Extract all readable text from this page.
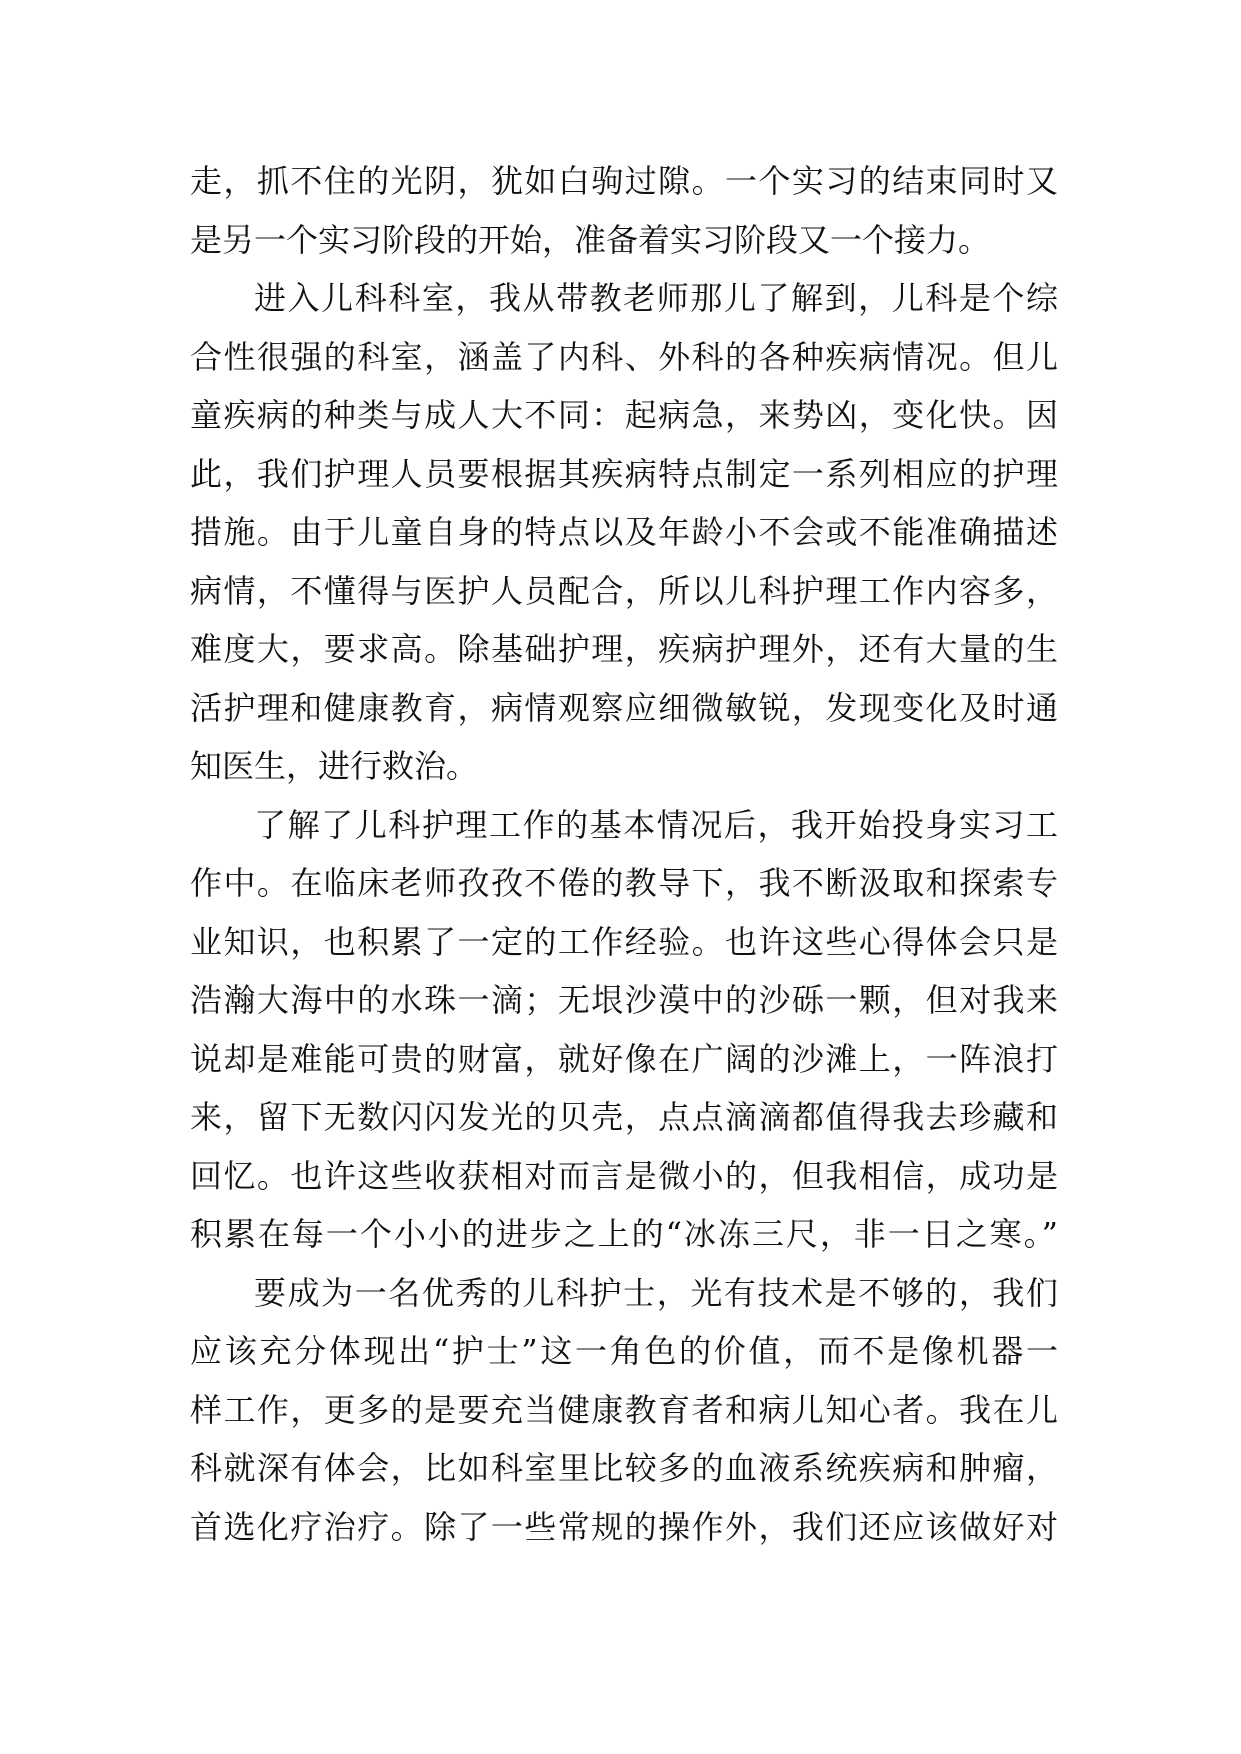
走，抓不住的光阴，犹如白驹过隙。一个实习的结束同时又
是另一个实习阶段的开始，准备着实习阶段又一个接力。
进入儿科科室，我从带教老师那儿了解到，儿科是个综
合性很强的科室，涵盖了内科、外科的各种疾病情况。但儿
童疾病的种类与成人大不同：起病急，来势凶，变化快。因
此，我们护理人员要根据其疾病特点制定一系列相应的护理
措施。由于儿童自身的特点以及年龄小不会或不能准确描述
病情，不懂得与医护人员配合，所以儿科护理工作内容多，
难度大，要求高。除基础护理，疾病护理外，还有大量的生
活护理和健康教育，病情观察应细微敏锐，发现变化及时通
知医生，进行救治。
了解了儿科护理工作的基本情况后，我开始投身实习工
作中。在临床老师孜孜不倦的教导下，我不断汲取和探索专
业知识，也积累了一定的工作经验。也许这些心得体会只是
浩瀚大海中的水珠一滴；无垠沙漠中的沙砾一颗，但对我来
说却是难能可贵的财富，就好像在广阔的沙滩上，一阵浪打
来，留下无数闪闪发光的贝壳，点点滴滴都值得我去珍藏和
回忆。也许这些收获相对而言是微小的，但我相信，成功是
积累在每一个小小的进步之上的“冰冻三尺，非一日之寒。”
要成为一名优秀的儿科护士，光有技术是不够的，我们
应该充分体现出“护士”这一角色的价值，而不是像机器一
样工作，更多的是要充当健康教育者和病儿知心者。我在儿
科就深有体会，比如科室里比较多的血液系统疾病和肿瘤，
首选化疗治疗。除了一些常规的操作外，我们还应该做好对
